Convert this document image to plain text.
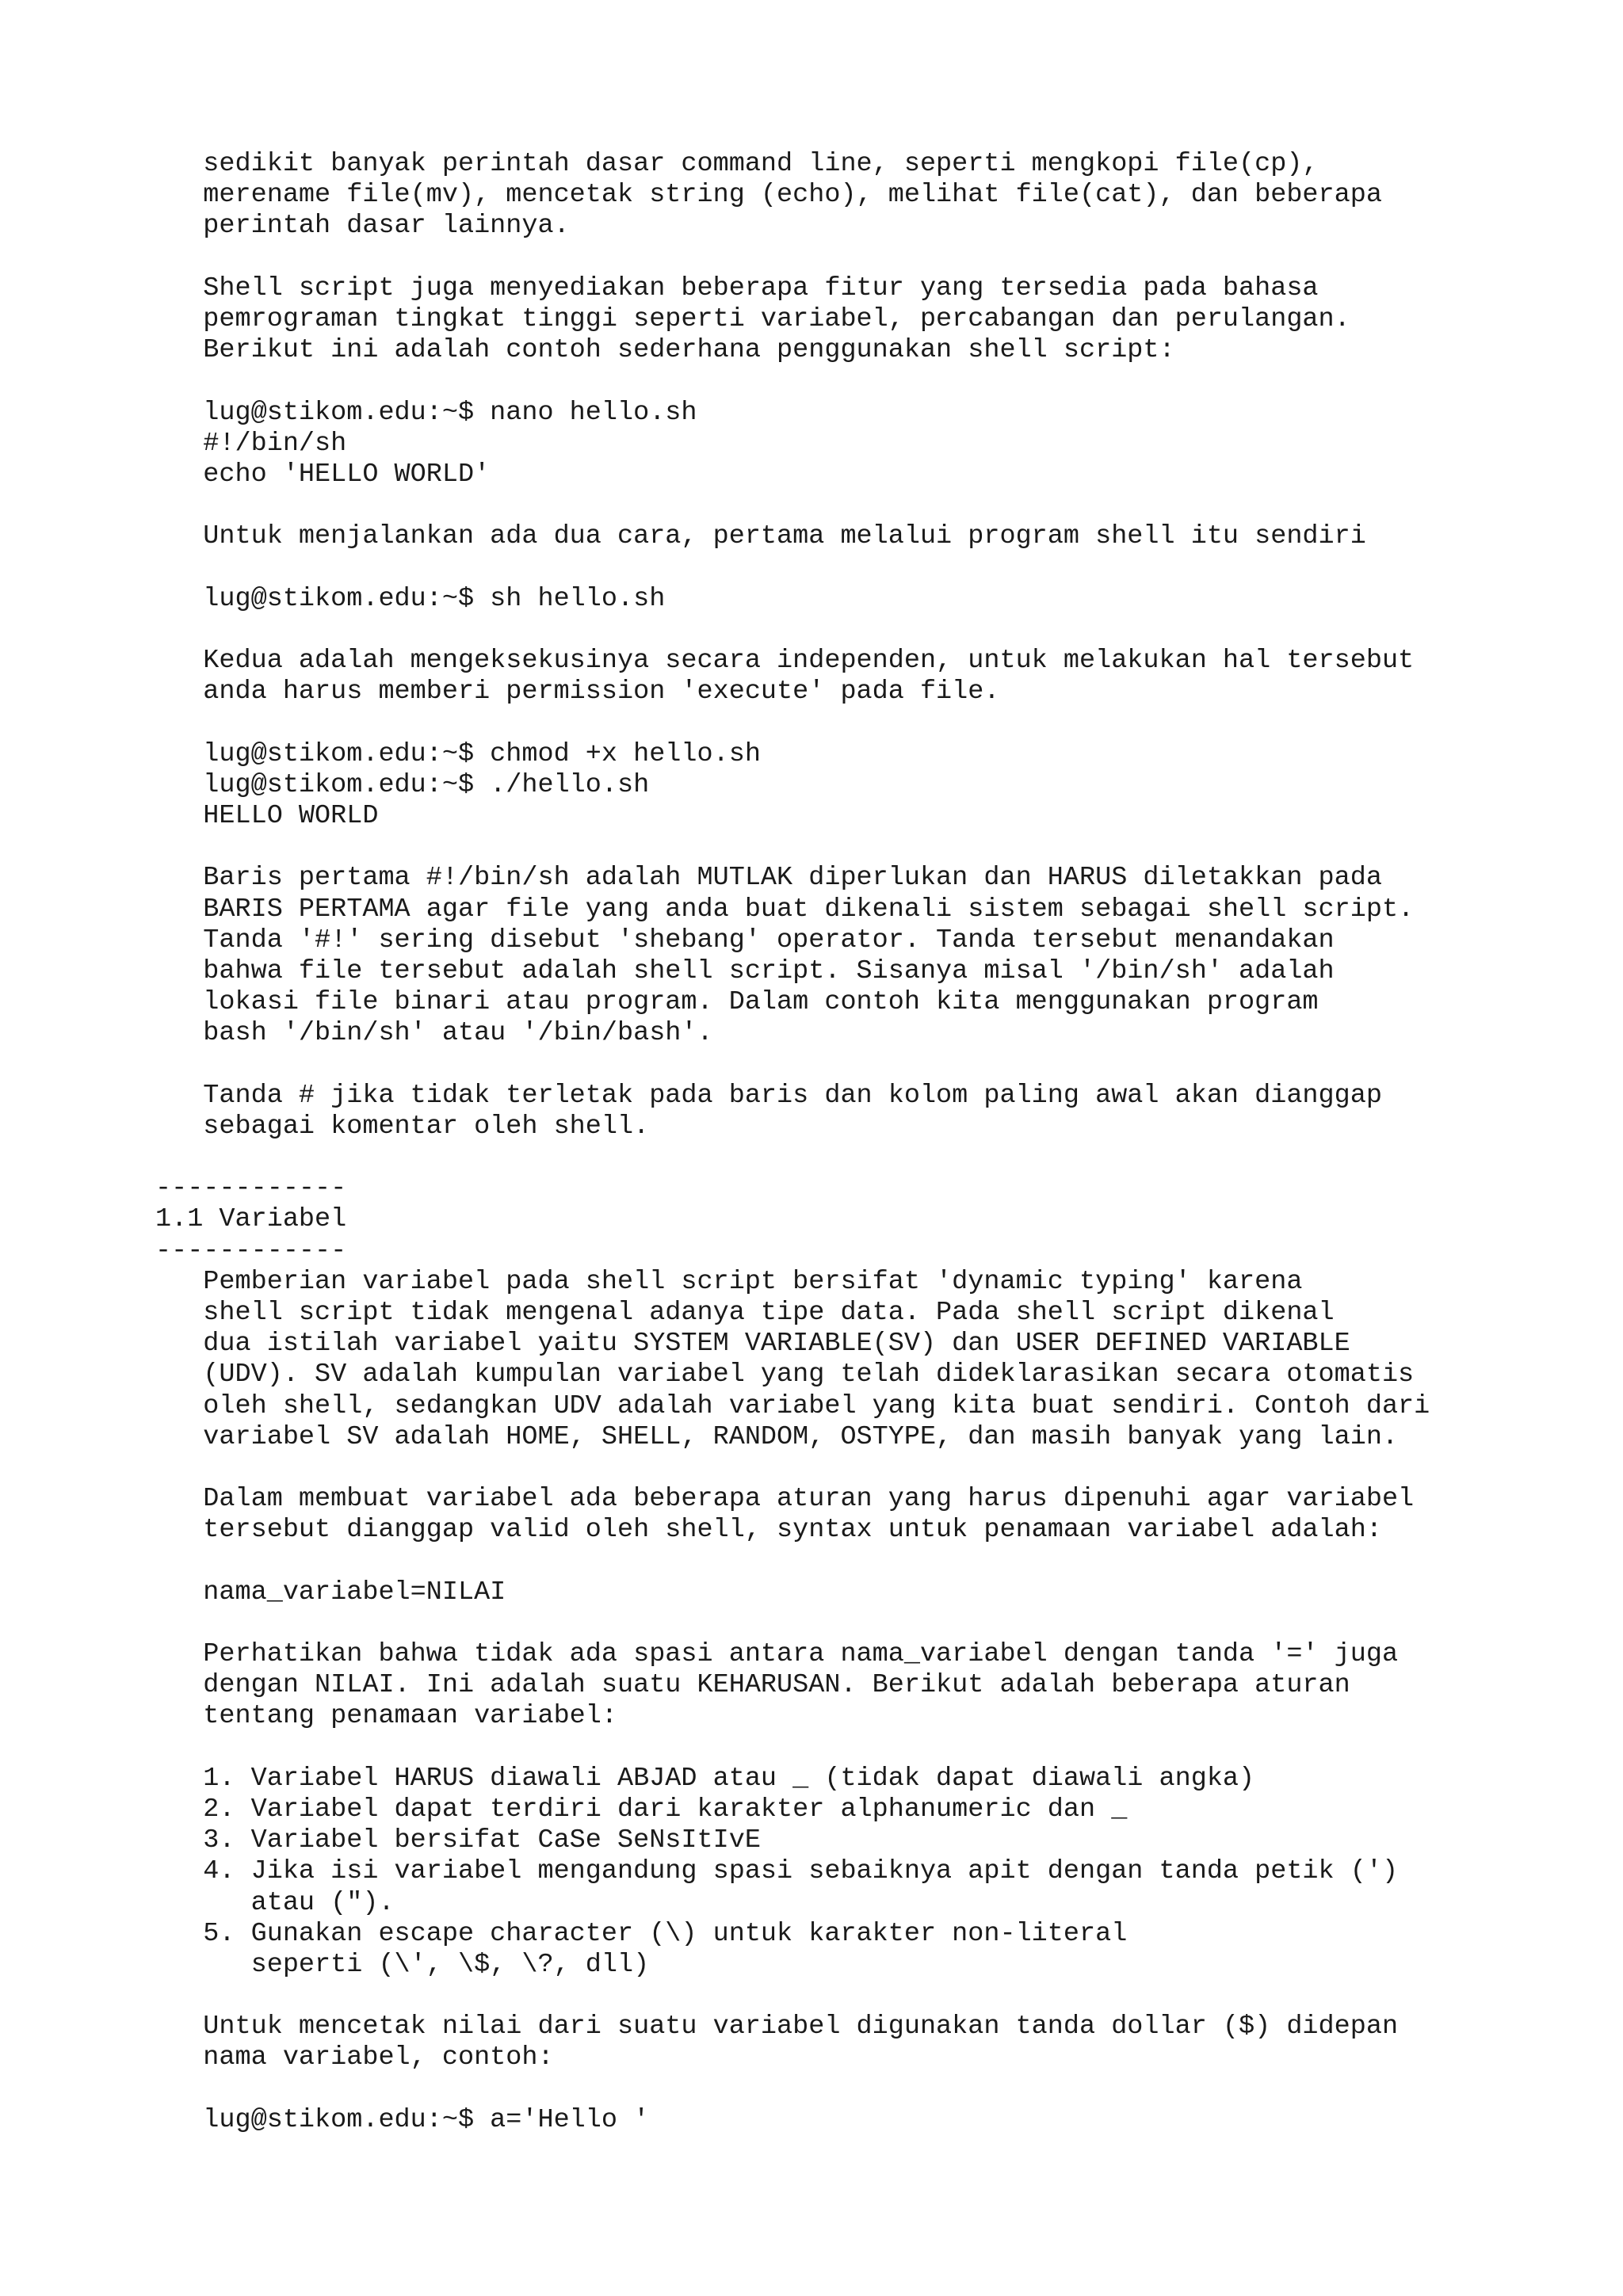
sedikit banyak perintah dasar command line, seperti mengkopi file(cp),
merename file(mv), mencetak string (echo), melihat file(cat), dan beberapa
perintah dasar lainnya.
Shell script juga menyediakan beberapa fitur yang tersedia pada bahasa
pemrograman tingkat tinggi seperti variabel, percabangan dan perulangan.
Berikut ini adalah contoh sederhana penggunakan shell script:
lug@stikom.edu:~$ nano hello.sh
#!/bin/sh
echo 'HELLO WORLD'
Untuk menjalankan ada dua cara, pertama melalui program shell itu sendiri
lug@stikom.edu:~$ sh hello.sh
Kedua adalah mengeksekusinya secara independen, untuk melakukan hal tersebut
anda harus memberi permission 'execute' pada file.
lug@stikom.edu:~$ chmod +x hello.sh
lug@stikom.edu:~$ ./hello.sh
HELLO WORLD
Baris pertama #!/bin/sh adalah MUTLAK diperlukan dan HARUS diletakkan pada
BARIS PERTAMA agar file yang anda buat dikenali sistem sebagai shell script.
Tanda '#!' sering disebut 'shebang' operator. Tanda tersebut menandakan
bahwa file tersebut adalah shell script. Sisanya misal '/bin/sh' adalah
lokasi file binari atau program. Dalam contoh kita menggunakan program
bash '/bin/sh' atau '/bin/bash'.
Tanda # jika tidak terletak pada baris dan kolom paling awal akan dianggap
sebagai komentar oleh shell.
------------
1.1 Variabel
------------
Pemberian variabel pada shell script bersifat 'dynamic typing' karena
shell script tidak mengenal adanya tipe data. Pada shell script dikenal
dua istilah variabel yaitu SYSTEM VARIABLE(SV) dan USER DEFINED VARIABLE
(UDV). SV adalah kumpulan variabel yang telah dideklarasikan secara otomatis
oleh shell, sedangkan UDV adalah variabel yang kita buat sendiri. Contoh dari
variabel SV adalah HOME, SHELL, RANDOM, OSTYPE, dan masih banyak yang lain.
Dalam membuat variabel ada beberapa aturan yang harus dipenuhi agar variabel
tersebut dianggap valid oleh shell, syntax untuk penamaan variabel adalah:
nama_variabel=NILAI
Perhatikan bahwa tidak ada spasi antara nama_variabel dengan tanda '=' juga
dengan NILAI. Ini adalah suatu KEHARUSAN. Berikut adalah beberapa aturan
tentang penamaan variabel:
1. Variabel HARUS diawali ABJAD atau _ (tidak dapat diawali angka)
2. Variabel dapat terdiri dari karakter alphanumeric dan _
3. Variabel bersifat CaSe SeNsItIvE
4. Jika isi variabel mengandung spasi sebaiknya apit dengan tanda petik (')
atau (").
5. Gunakan escape character (\) untuk karakter non-literal
seperti (\', \$, \?, dll)
Untuk mencetak nilai dari suatu variabel digunakan tanda dollar ($) didepan
nama variabel, contoh:
lug@stikom.edu:~$ a='Hello '
